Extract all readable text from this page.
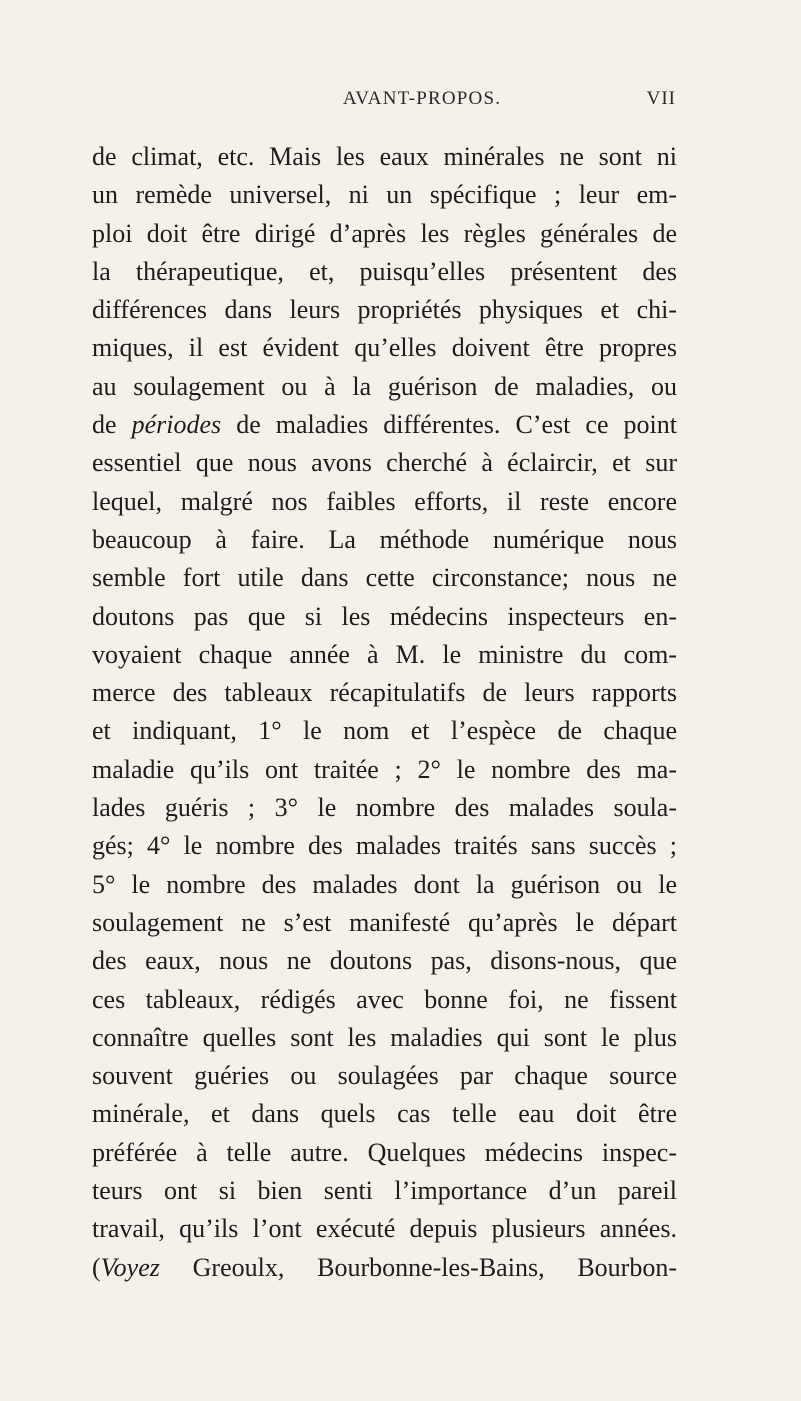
AVANT-PROPOS.	VII
de climat, etc. Mais les eaux minérales ne sont ni
un remède universel, ni un spécifique ; leur em-
ploi doit être dirigé d’après les règles générales de
la thérapeutique, et, puisqu’elles présentent des
différences dans leurs propriétés physiques et chi-
miques, il est évident qu’elles doivent être propres
au soulagement ou à la guérison de maladies, ou
de périodes de maladies différentes. C’est ce point
essentiel que nous avons cherché à éclaircir, et sur
lequel, malgré nos faibles efforts, il reste encore
beaucoup à faire. La méthode numérique nous
semble fort utile dans cette circonstance; nous ne
doutons pas que si les médecins inspecteurs en-
voyaient chaque année à M. le ministre du com-
merce des tableaux récapitulatifs de leurs rapports
et indiquant, 1° le nom et l’espèce de chaque
maladie qu’ils ont traitée ; 2° le nombre des ma-
lades guéris ; 3° le nombre des malades soula-
gés; 4° le nombre des malades traités sans succès ;
5° le nombre des malades dont la guérison ou le
soulagement ne s’est manifesté qu’après le départ
des eaux, nous ne doutons pas, disons-nous, que
ces tableaux, rédigés avec bonne foi, ne fissent
connaître quelles sont les maladies qui sont le plus
souvent guéries ou soulagées par chaque source
minérale, et dans quels cas telle eau doit être
préférée à telle autre. Quelques médecins inspec-
teurs ont si bien senti l’importance d’un pareil
travail, qu’ils l’ont exécuté depuis plusieurs années.
(Voyez Greoulx, Bourbonne-les-Bains, Bourbon-
